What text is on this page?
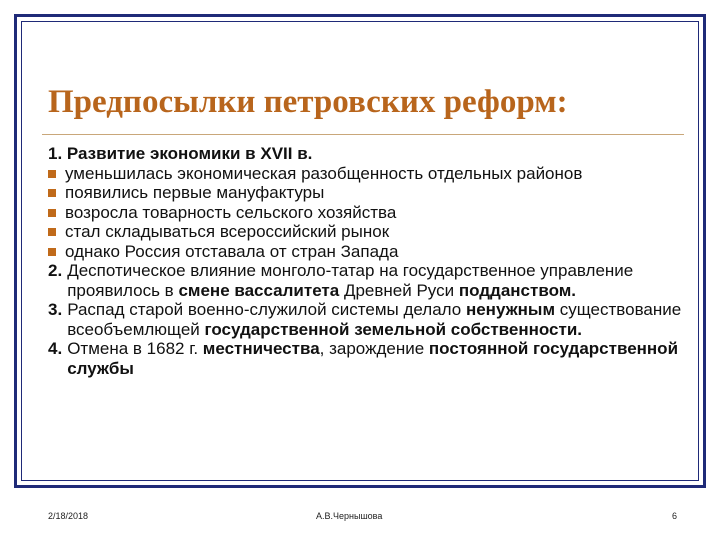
Предпосылки петровских реформ:

1. Развитие экономики в XVII в.

уменьшилась экономическая разобщенность отдельных районов
появились первые мануфактуры
возросла товарность сельского хозяйства
стал складываться всероссийский рынок
однако Россия отставала от стран Запада
2. Деспотическое влияние монголо-татар на государственное управление проявилось в смене вассалитета Древней Руси подданством.
3. Распад старой военно-служилой системы делало ненужным существование всеобъемлющей государственной земельной собственности.
4. Отмена в 1682 г. местничества, зарождение постоянной государственной службы
2/18/2018	А.В.Чернышова	6
